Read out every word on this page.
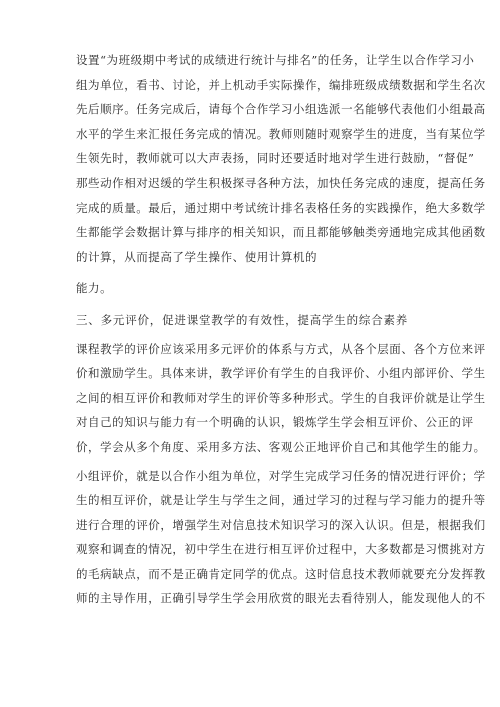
设置“为班级期中考试的成绩进行统计与排名”的任务，让学生以合作学习小
组为单位，看书、讨论，并上机动手实际操作，编排班级成绩数据和学生名次
先后顺序。任务完成后，请每个合作学习小组选派一名能够代表他们小组最高
水平的学生来汇报任务完成的情况。教师则随时观察学生的进度，当有某位学
生领先时，教师就可以大声表扬，同时还要适时地对学生进行鼓励，“督促”
那些动作相对迟缓的学生积极探寻各种方法，加快任务完成的速度，提高任务
完成的质量。最后，通过期中考试统计排名表格任务的实践操作，绝大多数学
生都能学会数据计算与排序的相关知识，而且都能够触类旁通地完成其他函数
的计算，从而提高了学生操作、使用计算机的
能力。
三、多元评价，促进课堂教学的有效性，提高学生的综合素养
课程教学的评价应该采用多元评价的体系与方式，从各个层面、各个方位来评
价和激励学生。具体来讲，教学评价有学生的自我评价、小组内部评价、学生
之间的相互评价和教师对学生的评价等多种形式。学生的自我评价就是让学生
对自己的知识与能力有一个明确的认识，锻炼学生学会相互评价、公正的评
价，学会从多个角度、采用多方法、客观公正地评价自己和其他学生的能力。
小组评价，就是以合作小组为单位，对学生完成学习任务的情况进行评价；学
生的相互评价，就是让学生与学生之间，通过学习的过程与学习能力的提升等
进行合理的评价，增强学生对信息技术知识学习的深入认识。但是，根据我们
观察和调查的情况，初中学生在进行相互评价过程中，大多数都是习惯挑对方
的毛病缺点，而不是正确肯定同学的优点。这时信息技术教师就要充分发挥教
师的主导作用，正确引导学生学会用欣赏的眼光去看待别人，能发现他人的不
